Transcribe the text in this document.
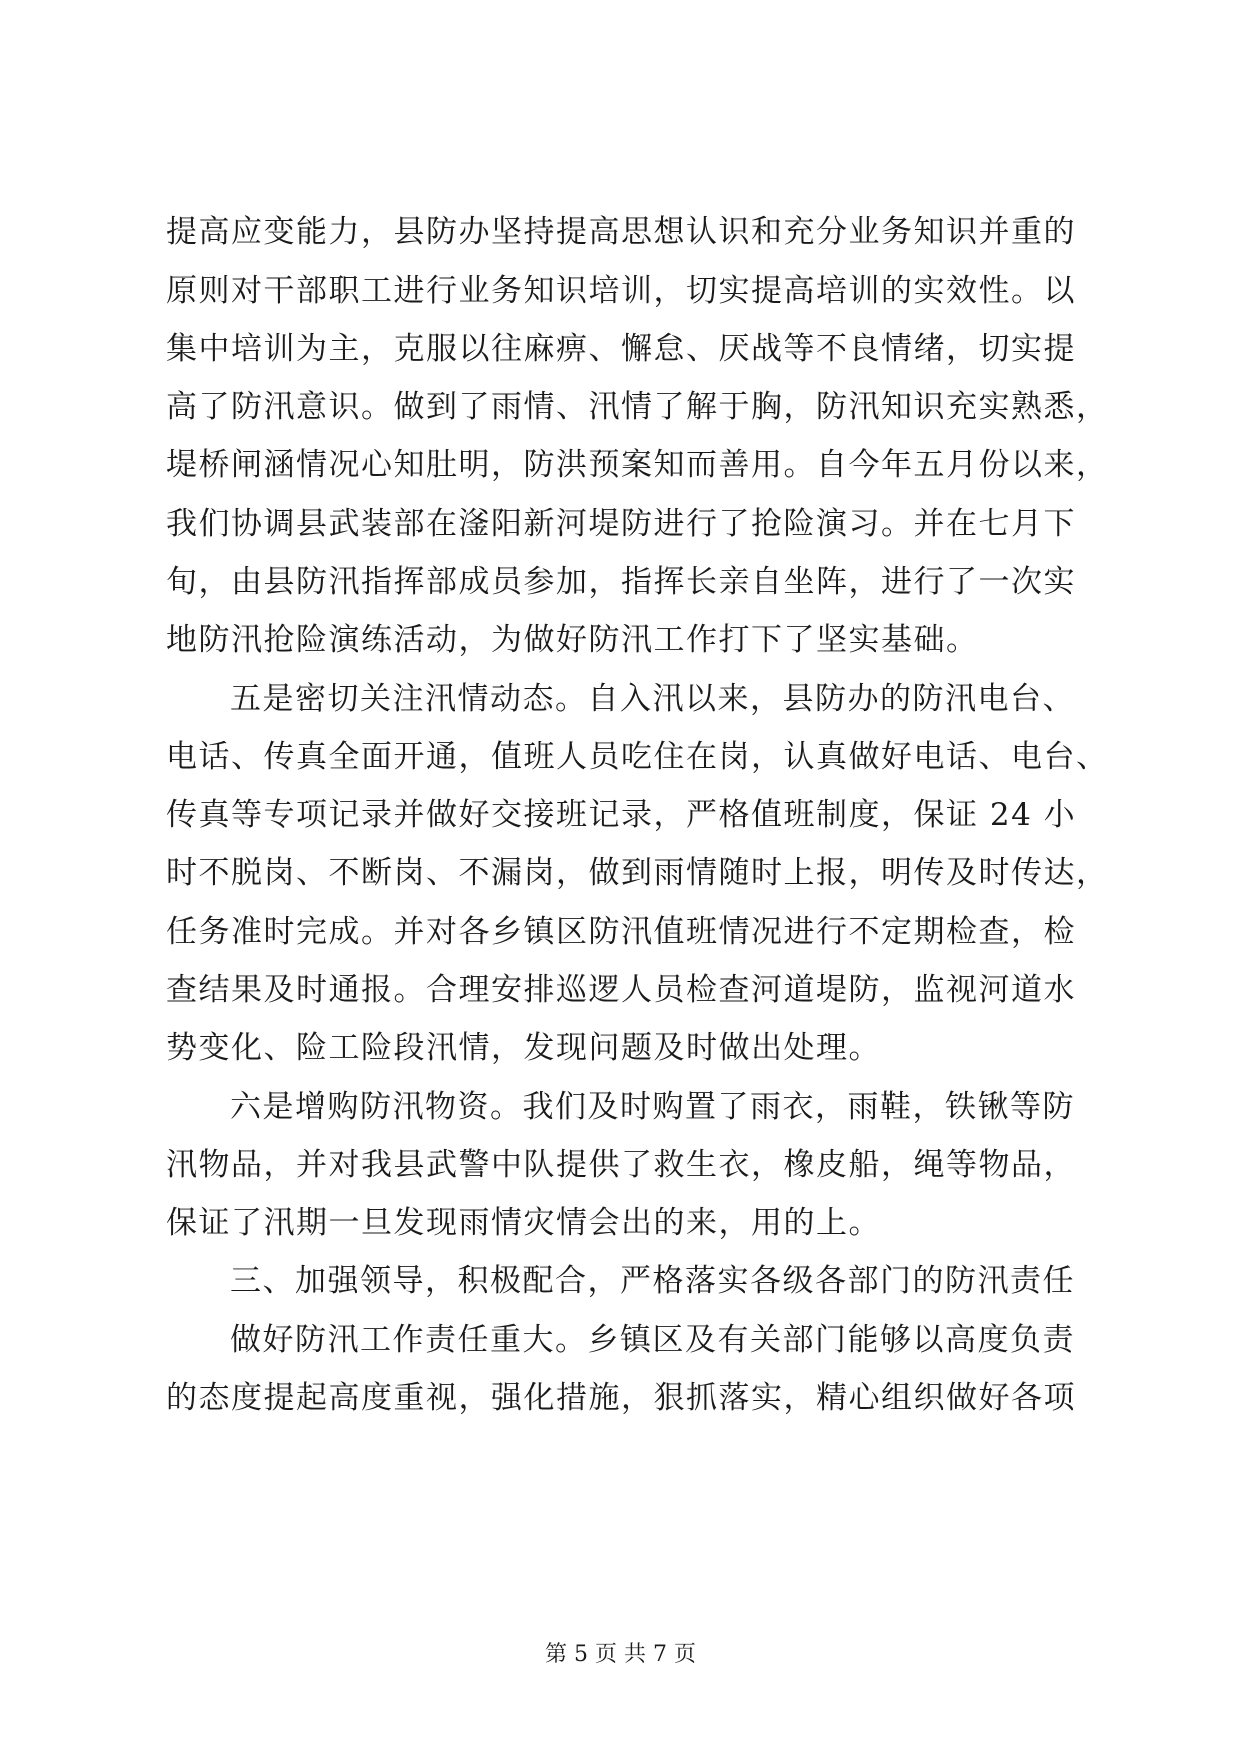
提高应变能力，县防办坚持提高思想认识和充分业务知识并重的
原则对干部职工进行业务知识培训，切实提高培训的实效性。以
集中培训为主，克服以往麻痹、懈怠、厌战等不良情绪，切实提
高了防汛意识。做到了雨情、汛情了解于胸，防汛知识充实熟悉，
堤桥闸涵情况心知肚明，防洪预案知而善用。自今年五月份以来，
我们协调县武装部在滏阳新河堤防进行了抢险演习。并在七月下
旬，由县防汛指挥部成员参加，指挥长亲自坐阵，进行了一次实
地防汛抢险演练活动，为做好防汛工作打下了坚实基础。
五是密切关注汛情动态。自入汛以来，县防办的防汛电台、
电话、传真全面开通，值班人员吃住在岗，认真做好电话、电台、
传真等专项记录并做好交接班记录，严格值班制度，保证 24 小
时不脱岗、不断岗、不漏岗，做到雨情随时上报，明传及时传达，
任务准时完成。并对各乡镇区防汛值班情况进行不定期检查，检
查结果及时通报。合理安排巡逻人员检查河道堤防，监视河道水
势变化、险工险段汛情，发现问题及时做出处理。
六是增购防汛物资。我们及时购置了雨衣，雨鞋，铁锹等防
汛物品，并对我县武警中队提供了救生衣，橡皮船，绳等物品，
保证了汛期一旦发现雨情灾情会出的来，用的上。
三、加强领导，积极配合，严格落实各级各部门的防汛责任
做好防汛工作责任重大。乡镇区及有关部门能够以高度负责
的态度提起高度重视，强化措施，狠抓落实，精心组织做好各项
第 5 页 共 7 页
